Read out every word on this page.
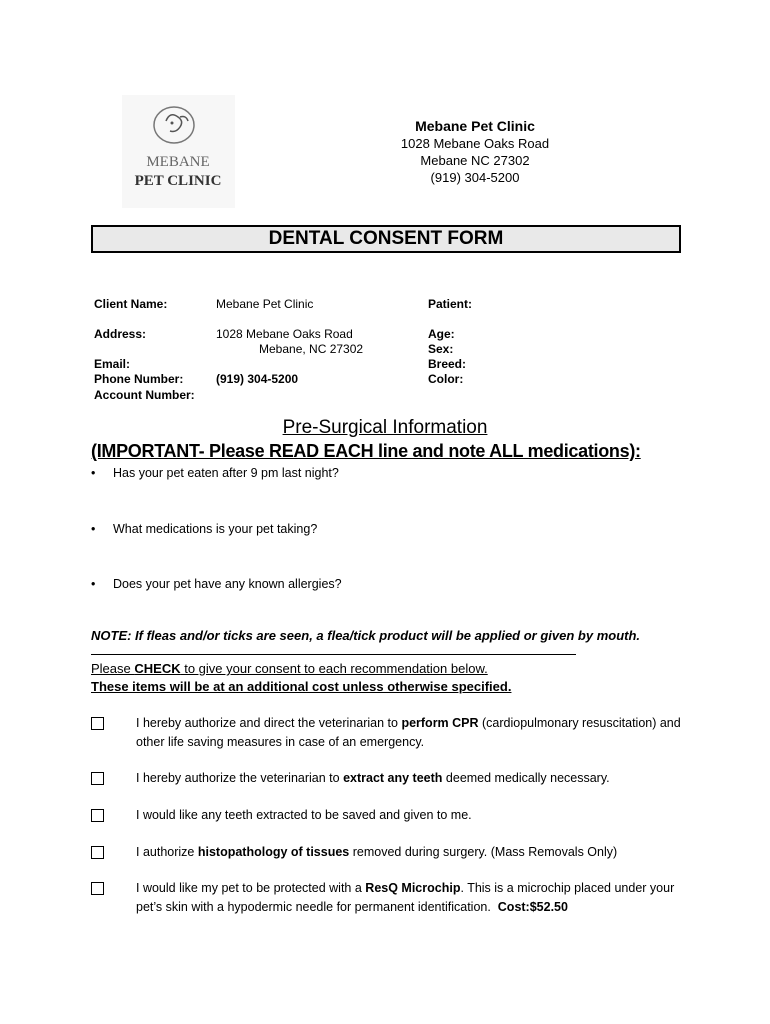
MEBANE
PET CLINIC
Mebane Pet Clinic
1028 Mebane Oaks Road
Mebane NC 27302
(919) 304-5200
DENTAL CONSENT FORM
Client Name:
Address:
Email:
Phone Number:
Account Number:
Mebane Pet Clinic
1028 Mebane Oaks Road
Mebane, NC 27302
(919) 304-5200
Patient:
Age:
Sex:
Breed:
Color:
Pre-Surgical Information
(IMPORTANT- Please READ EACH line and note ALL medications):
• Has your pet eaten after 9 pm last night?
• What medications is your pet taking?
• Does your pet have any known allergies?
NOTE: If fleas and/or ticks are seen, a flea/tick product will be applied or given by mouth.
Please CHECK to give your consent to each recommendation below.
These items will be at an additional cost unless otherwise specified.
I hereby authorize and direct the veterinarian to perform CPR (cardiopulmonary resuscitation) and
other life saving measures in case of an emergency.
I hereby authorize the veterinarian to extract any teeth deemed medically necessary.
I would like any teeth extracted to be saved and given to me.
I authorize histopathology of tissues removed during surgery. (Mass Removals Only)
I would like my pet to be protected with a ResQ Microchip. This is a microchip placed under your
pet’s skin with a hypodermic needle for permanent identification. Cost:$52.50
